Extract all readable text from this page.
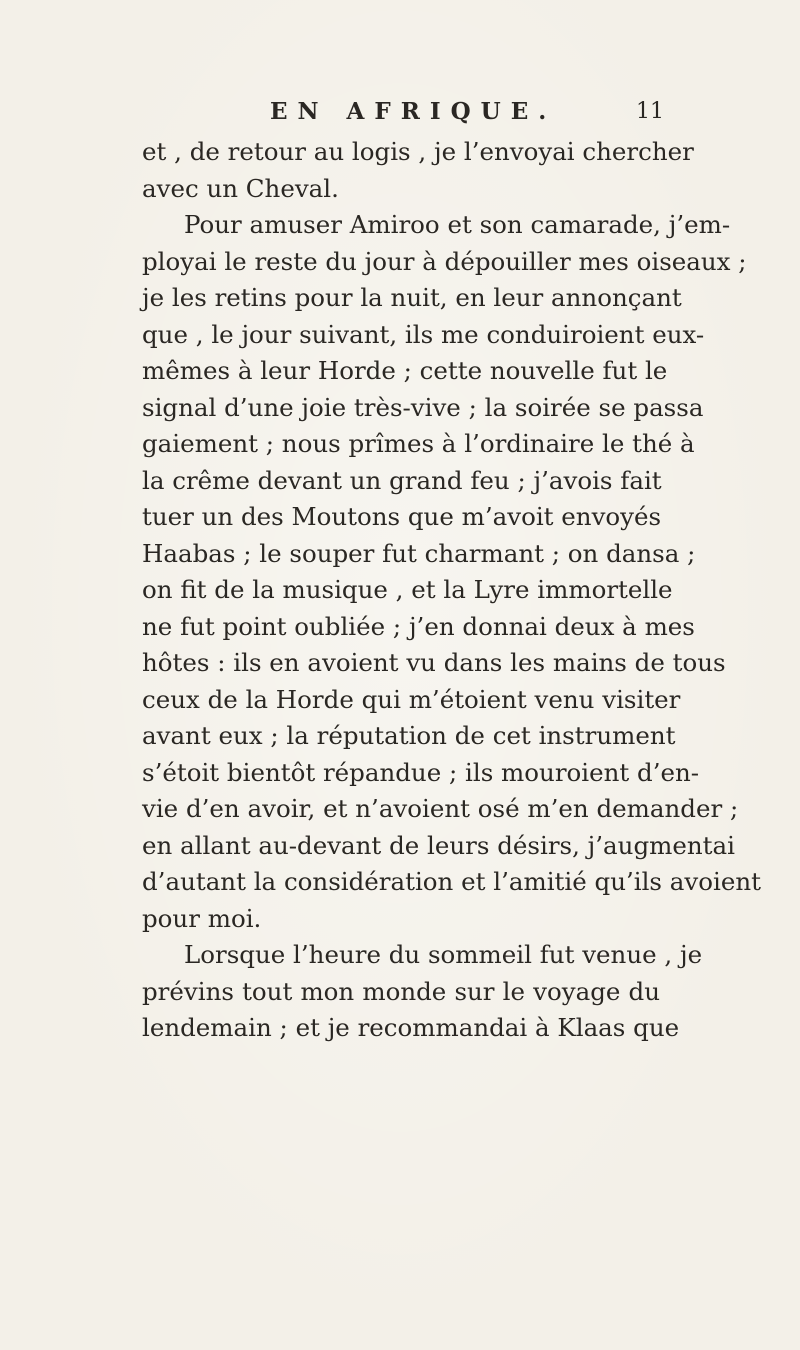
EN AFRIQUE.	11
et , de retour au logis , je l’envoyai chercher
avec un Cheval.
Pour amuser Amiroo et son camarade, j’em-
ployai le reste du jour à dépouiller mes oiseaux ;
je les retins pour la nuit, en leur annonçant
que , le jour suivant, ils me conduiroient eux-
mêmes à leur Horde ; cette nouvelle fut le
signal d’une joie très-vive ; la soirée se passa
gaiement ; nous prîmes à l’ordinaire le thé à
la crême devant un grand feu ; j’avois fait
tuer un des Moutons que m’avoit envoyés
Haabas ; le souper fut charmant ; on dansa ;
on fit de la musique , et la Lyre immortelle
ne fut point oubliée ; j’en donnai deux à mes
hôtes : ils en avoient vu dans les mains de tous
ceux de la Horde qui m’étoient venu visiter
avant eux ; la réputation de cet instrument
s’étoit bientôt répandue ; ils mouroient d’en-
vie d’en avoir, et n’avoient osé m’en demander ;
en allant au-devant de leurs désirs, j’augmentai
d’autant la considération et l’amitié qu’ils avoient
pour moi.
Lorsque l’heure du sommeil fut venue , je
prévins tout mon monde sur le voyage du
lendemain ; et je recommandai à Klaas que
